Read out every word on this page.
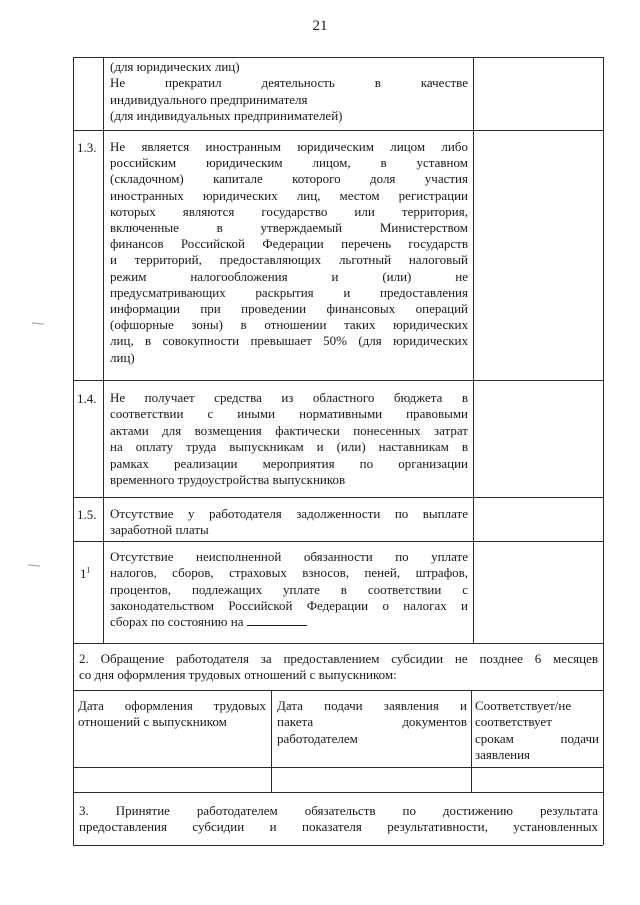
21
(для юридических лиц)
Не прекратил деятельность в качестве
индивидуального предпринимателя
(для индивидуальных предпринимателей)
1.3. Не является иностранным юридическим лицом либо
российским юридическим лицом, в уставном
(складочном) капитале которого доля участия
иностранных юридических лиц, местом регистрации
которых являются государство или территория,
включенные в утверждаемый Министерством
финансов Российской Федерации перечень государств
и территорий, предоставляющих льготный налоговый
режим налогообложения и (или) не
предусматривающих раскрытия и предоставления
информации при проведении финансовых операций
(офшорные зоны) в отношении таких юридических
лиц, в совокупности превышает 50% (для юридических
лиц)
1.4. Не получает средства из областного бюджета в
соответствии с иными нормативными правовыми
актами для возмещения фактически понесенных затрат
на оплату труда выпускникам и (или) наставникам в
рамках реализации мероприятия по организации
временного трудоустройства выпускников
1.5. Отсутствие у работодателя задолженности по выплате
заработной платы
$1^1$
Отсутствие неисполненной обязанности по уплате
налогов, сборов, страховых взносов, пеней, штрафов,
процентов, подлежащих уплате в соответствии с
законодательством Российской Федерации о налогах и
сборах по состоянию на
2. Обращение работодателя за предоставлением субсидии не позднее 6 месяцев
со дня оформления трудовых отношений с выпускником:
Дата оформления трудовых
отношений с выпускником
Дата подачи заявления и
пакета документов
работодателем
Соответствует/не
соответствует
срокам подачи
заявления
3. Принятие работодателем обязательств по достижению результата
предоставления субсидии и показателя результативности, установленных
